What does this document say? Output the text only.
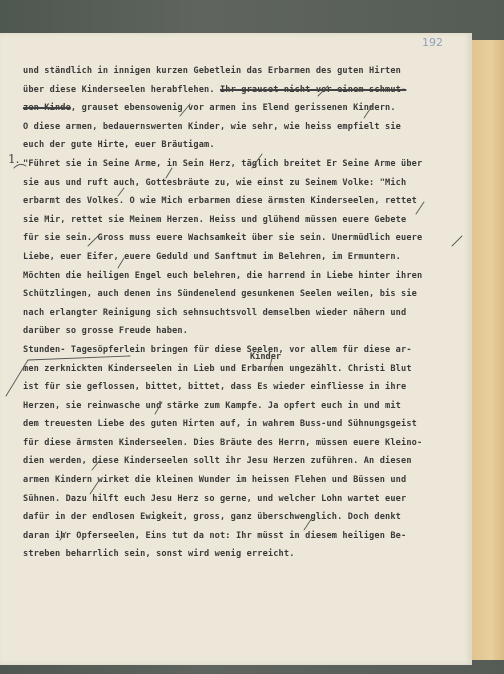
192
1.
Kinder
und ständlich in innigen kurzen Gebetlein das Erbarmen des guten Hirten
über diese Kinderseelen herabflehen. Ihr grauset nicht vor einem schmut-
zen Kinde, grauset ebensowenig vor armen ins Elend gerissenen Kindern.
O diese armen, bedauernswerten Kinder, wie sehr, wie heiss empfielt sie
euch der gute Hirte, euer Bräutigam.
"Führet sie in Seine Arme, in Sein Herz, täglich breitet Er Seine Arme über
sie aus und ruft auch, Gottesbräute zu, wie einst zu Seinem Volke: "Mich
erbarmt des Volkes. O wie Mich erbarmen diese ärmsten Kinderseelen, rettet
sie Mir, rettet sie Meinem Herzen. Heiss und glühend müssen euere Gebete
für sie sein. Gross muss euere Wachsamkeit über sie sein. Unermüdlich euere
Liebe, euer Eifer, euere Geduld und Sanftmut im Belehren, im Ermuntern.
Möchten die heiligen Engel euch belehren, die harrend in Liebe hinter ihren
Schützlingen, auch denen ins Sündenelend gesunkenen Seelen weilen, bis sie
nach erlangter Reinigung sich sehnsuchtsvoll demselben wieder nähern und
darüber so grosse Freude haben.
Stunden- Tagesöpferlein bringen für diese Seelen, vor allem für diese ar-
men zerknickten Kinderseelen in Lieb und Erbarmen ungezählt. Christi Blut
ist für sie geflossen, bittet, bittet, dass Es wieder einfliesse in ihre
Herzen, sie reinwasche und stärke zum Kampfe. Ja opfert euch in und mit
dem treuesten Liebe des guten Hirten auf, in wahrem Buss-und Sühnungsgeist
für diese ärmsten Kinderseelen. Dies Bräute des Herrn, müssen euere Kleino-
dien werden, diese Kinderseelen sollt ihr Jesu Herzen zuführen. An diesen
armen Kindern wirket die kleinen Wunder im heissen Flehen und Büssen und
Sühnen. Dazu hilft euch Jesu Herz so gerne, und welcher Lohn wartet euer
dafür in der endlosen Ewigkeit, gross, ganz überschwenglich. Doch denkt
daran ihr Opferseelen, Eins tut da not: Ihr müsst in diesem heiligen Be-
streben beharrlich sein, sonst wird wenig erreicht.
